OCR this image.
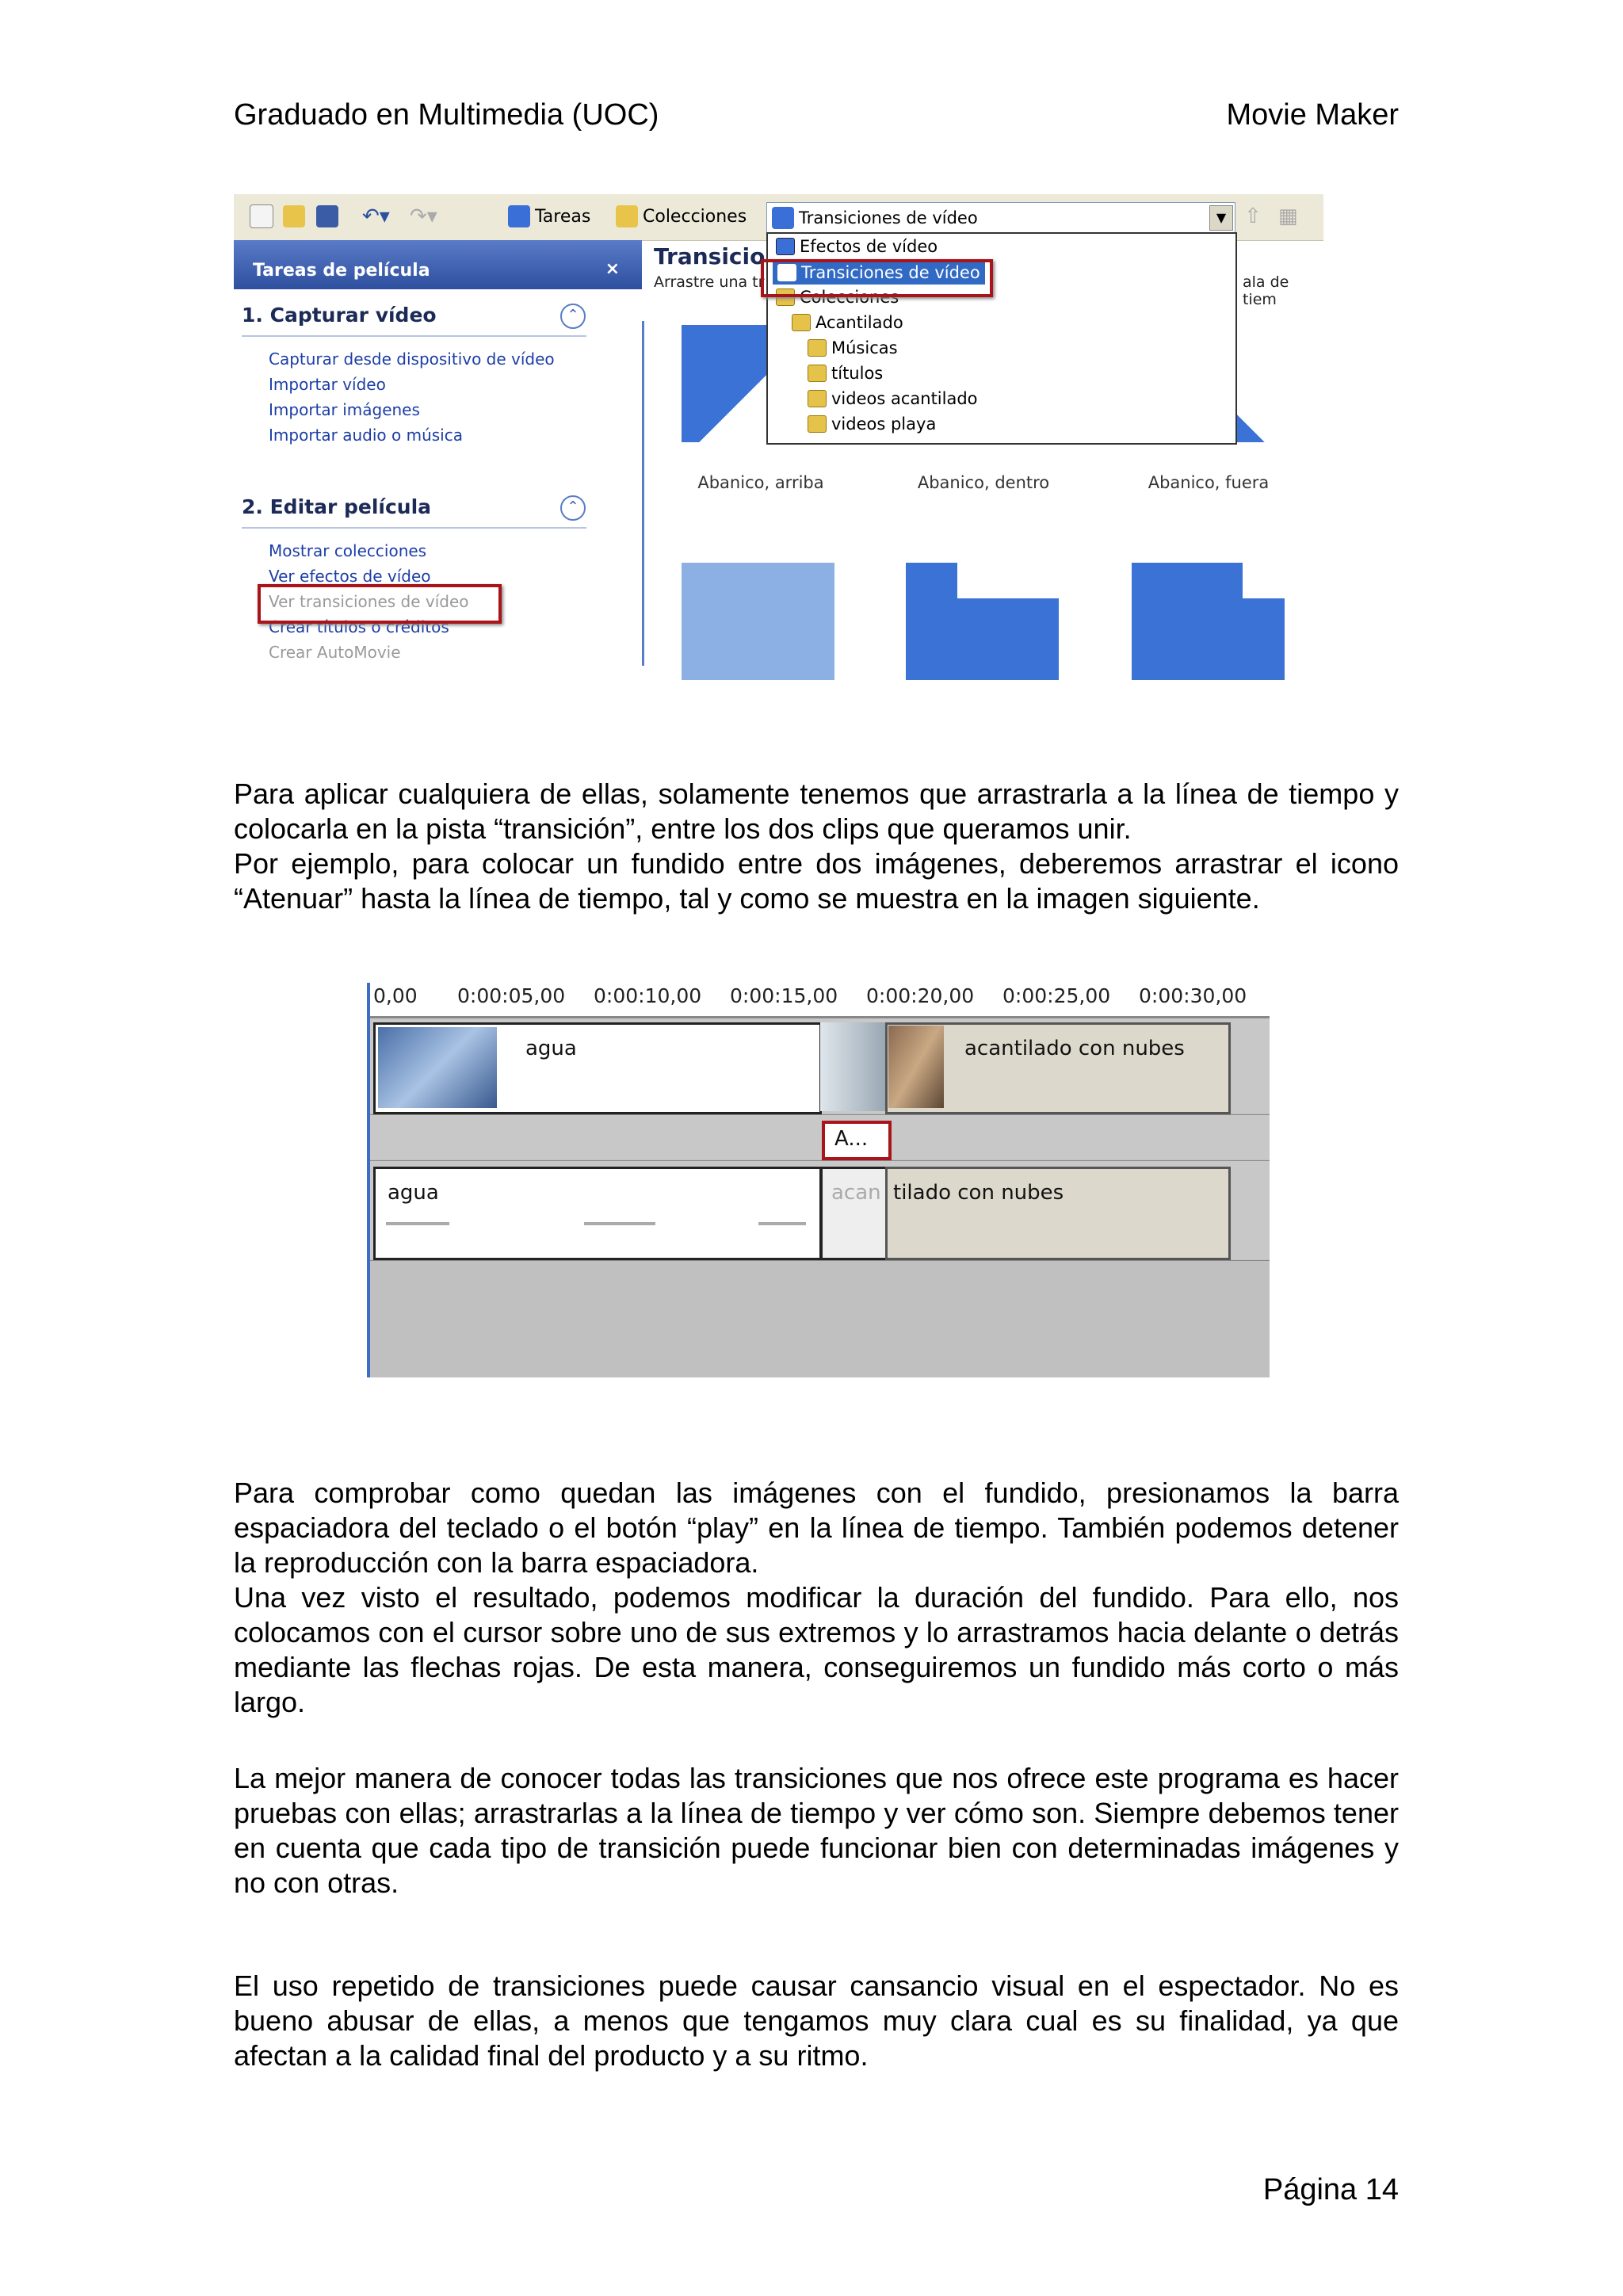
Graduado en Multimedia (UOC)	Movie Maker
↶▾ ↷▾	Tareas	Colecciones	Transiciones de vídeo	▼ ⇧ ▦
Tareas de película	×
1. Capturar vídeo	⌃
Capturar desde dispositivo de vídeo
Importar vídeo
Importar imágenes
Importar audio o música
2. Editar película	⌃
Mostrar colecciones
Ver efectos de vídeo
Ver transiciones de vídeo
Crear títulos o créditos
Crear AutoMovie
Transicio
Arrastre una tr	ala de tiem
Abanico, arriba	Abanico, dentro	Abanico, fuera
Efectos de vídeo
Transiciones de vídeo
Colecciones
Acantilado
Músicas
títulos
videos acantilado
videos playa

Para aplicar cualquiera de ellas, solamente tenemos que arrastrarla a la línea de tiempo y colocarla en la pista “transición”, entre los dos clips que queramos unir.

Por ejemplo, para colocar un fundido entre dos imágenes, deberemos arrastrar el icono “Atenuar” hasta la línea de tiempo, tal y como se muestra en la imagen siguiente.

0,00 0:00:05,00 0:00:10,00 0:00:15,00 0:00:20,00 0:00:25,00 0:00:30,00
agua	acantilado con nubes
A...
agua	acan tilado con nubes

Para comprobar como quedan las imágenes con el fundido, presionamos la barra espaciadora del teclado o el botón “play” en la línea de tiempo. También podemos detener la reproducción con la barra espaciadora.

Una vez visto el resultado, podemos modificar la duración del fundido. Para ello, nos colocamos con el cursor sobre uno de sus extremos y lo arrastramos hacia delante o detrás mediante las flechas rojas. De esta manera, conseguiremos un fundido más corto o más largo.

La mejor manera de conocer todas las transiciones que nos ofrece este programa es hacer pruebas con ellas; arrastrarlas a la línea de tiempo y ver cómo son. Siempre debemos tener en cuenta que cada tipo de transición puede funcionar bien con determinadas imágenes y no con otras.

El uso repetido de transiciones puede causar cansancio visual en el espectador. No es bueno abusar de ellas, a menos que tengamos muy clara cual es su finalidad, ya que afectan a la calidad final del producto y a su ritmo.

Página 14
